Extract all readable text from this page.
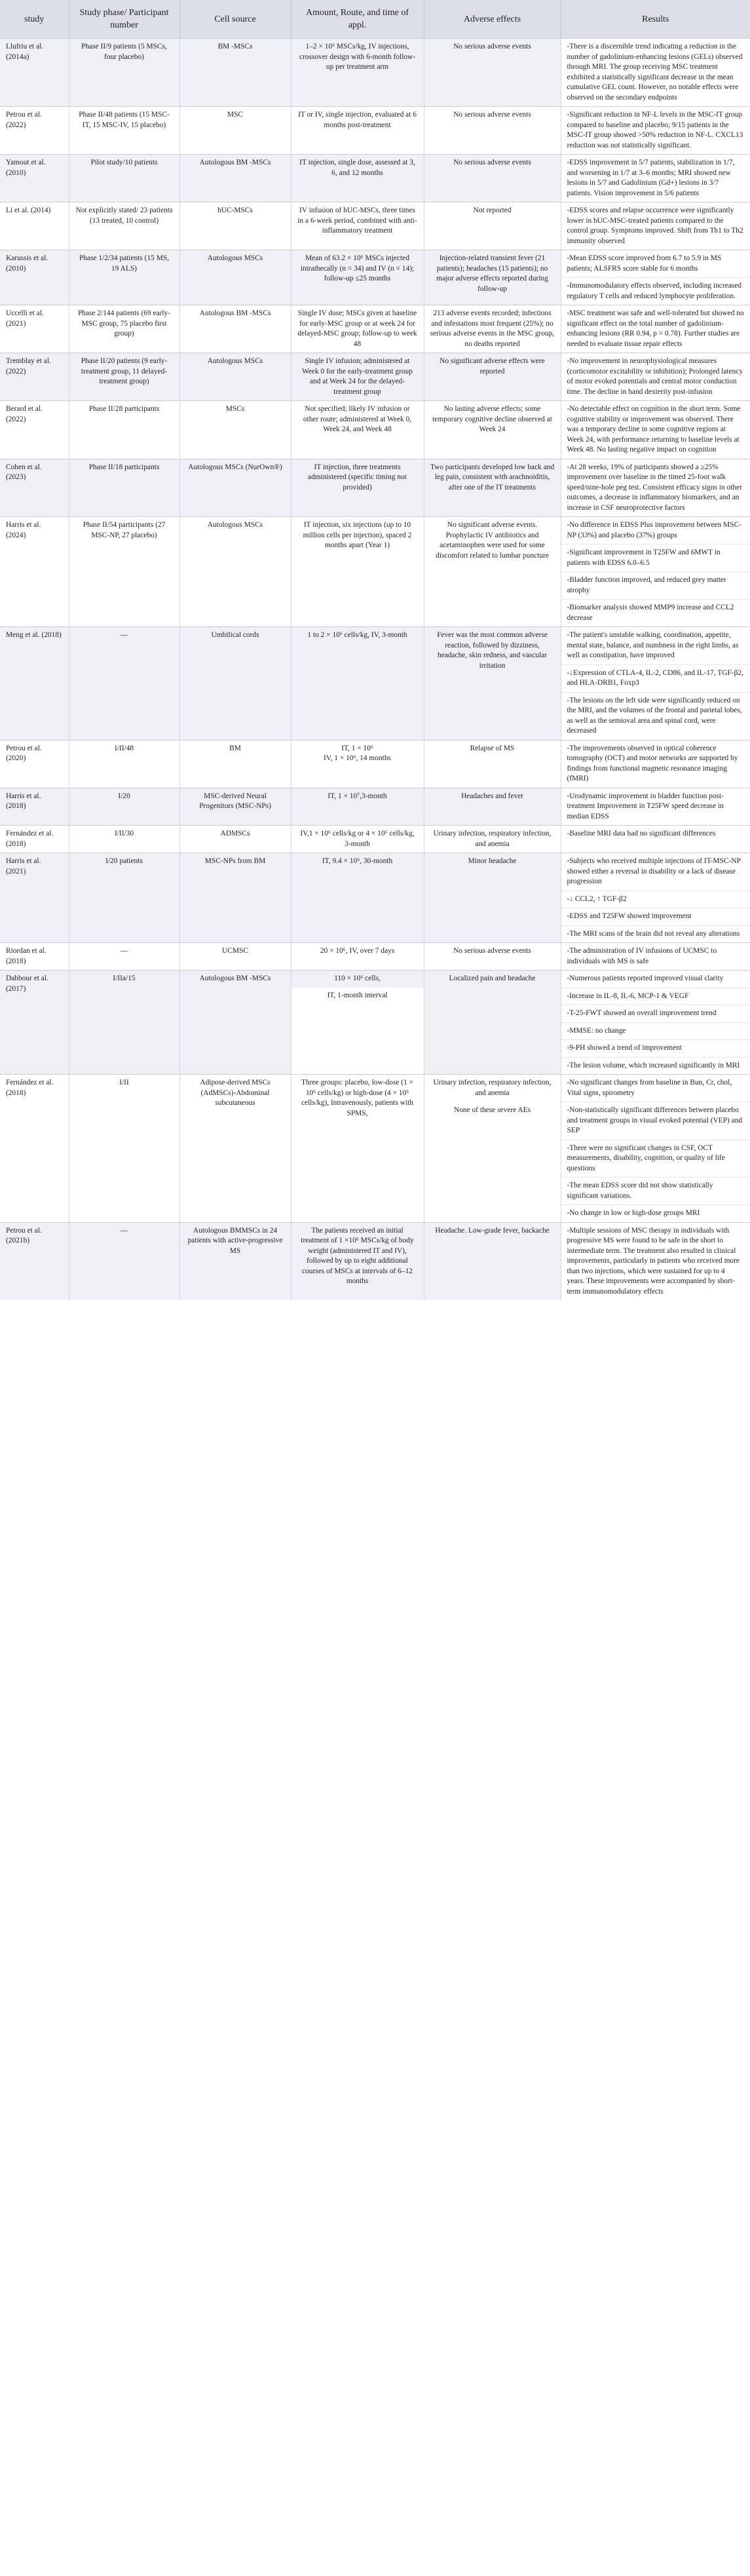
study	Study phase/ Participant number	Cell source	Amount, Route, and time of appl.	Adverse effects	Results
Llufriu et al. (2014a)	Phase II/9 patients (5 MSCs, four placebo)	BM -MSCs	1–2 × 10⁶ MSCs/kg, IV injections, crossover design with 6-month follow-up per treatment arm	No serious adverse events	-There is a discernible trend indicating a reduction in the number of gadolinium-enhancing lesions (GELs) observed through MRI. The group receiving MSC treatment exhibited a statistically significant decrease in the mean cumulative GEL count. However, no notable effects were observed on the secondary endpoints
Petrou et al. (2022)	Phase II/48 patients (15 MSC-IT, 15 MSC-IV, 15 placebo)	MSC	IT or IV, single injection, evaluated at 6 months post-treatment	No serious adverse events	-Significant reduction in NF-L levels in the MSC-IT group compared to baseline and placebo; 9/15 patients in the MSC-IT group showed >50% reduction in NF-L. CXCL13 reduction was not statistically significant.
Yamout et al. (2010)	Pilot study/10 patients	Autologous BM -MSCs	IT injection, single dose, assessed at 3, 6, and 12 months	No serious adverse events	-EDSS improvement in 5/7 patients, stabilization in 1/7, and worsening in 1/7 at 3–6 months; MRI showed new lesions in 5/7 and Gadolinium (Gd+) lesions in 3/7 patients. Vision improvement in 5/6 patients
Li et al. (2014)	Not explicitly stated/ 23 patients (13 treated, 10 control)	hUC-MSCs	IV infusion of hUC-MSCs, three times in a 6-week period, combined with anti-inflammatory treatment	Not reported	-EDSS scores and relapse occurrence were significantly lower in hUC-MSC-treated patients compared to the control group. Symptoms improved. Shift from Th1 to Th2 immunity observed
Karussis et al. (2010)	Phase 1/2/34 patients (15 MS, 19 ALS)	Autologous MSCs	Mean of 63.2 × 10⁶ MSCs injected intrathecally (n = 34) and IV (n = 14); follow-up ≤25 months	Injection-related transient fever (21 patients); headaches (15 patients); no major adverse effects reported during follow-up	-Mean EDSS score improved from 6.7 to 5.9 in MS patients; ALSFRS score stable for 6 months
					-Immunomodulatory effects observed, including increased regulatory T cells and reduced lymphocyte proliferation.
Uccelli et al. (2021)	Phase 2/144 patients (69 early-MSC group, 75 placebo first group)	Autologous BM -MSCs	Single IV dose; MSCs given at baseline for early-MSC group or at week 24 for delayed-MSC group; follow-up to week 48	213 adverse events recorded; infections and infestations most frequent (25%); no serious adverse events in the MSC group, no deaths reported	-MSC treatment was safe and well-tolerated but showed no significant effect on the total number of gadolinium-enhancing lesions (RR 0.94, p = 0.78). Further studies are needed to evaluate tissue repair effects
Tremblay et al. (2022)	Phase II/20 patients (9 early-treatment group, 11 delayed-treatment group)	Autologous MSCs	Single IV infusion; administered at Week 0 for the early-treatment group and at Week 24 for the delayed-treatment group	No significant adverse effects were reported	-No improvement in neurophysiological measures (corticomotor excitability or inhibition); Prolonged latency of motor evoked potentials and central motor conduction time. The decline in hand dexterity post-infusion
Berard et al. (2022)	Phase II/28 participants	MSCs	Not specified; likely IV infusion or other route; administered at Week 0, Week 24, and Week 48	No lasting adverse effects; some temporary cognitive decline observed at Week 24	-No detectable effect on cognition in the short term. Some cognitive stability or improvement was observed. There was a temporary decline in some cognitive regions at Week 24, with performance returning to baseline levels at Week 48. No lasting negative impact on cognition
Cohen et al. (2023)	Phase II/18 participants	Autologous MSCs (NurOwn®)	IT injection, three treatments administered (specific timing not provided)	Two participants developed low back and leg pain, consistent with arachnoiditis, after one of the IT treatments	-At 28 weeks, 19% of participants showed a ≥25% improvement over baseline in the timed 25-foot walk speed/nine-hole peg test. Consistent efficacy signs in other outcomes, a decrease in inflammatory biomarkers, and an increase in CSF neuroprotective factors
Harris et al. (2024)	Phase II/54 participants (27 MSC-NP, 27 placebo)	Autologous MSCs	IT injection, six injections (up to 10 million cells per injection), spaced 2 months apart (Year 1)	No significant adverse events. Prophylactic IV antibiotics and acetaminophen were used for some discomfort related to lumbar puncture	-No difference in EDSS Plus improvement between MSC-NP (33%) and placebo (37%) groups
					-Significant improvement in T25FW and 6MWT in patients with EDSS 6.0–6.5
					-Bladder function improved, and reduced grey matter atrophy
					-Biomarker analysis showed MMP9 increase and CCL2 decrease
Meng et al. (2018)	—	Umbilical cords	1 to 2 × 10⁶ cells/kg, IV, 3-month	Fever was the most common adverse reaction, followed by dizziness, headache, skin redness, and vascular irritation	-The patient's unstable walking, coordination, appetite, mental state, balance, and numbness in the right limbs, as well as constipation, have improved
					-↓Expression of CTLA-4, IL-2, CD86, and IL-17, TGF-β2, and HLA-DRB1, Foxp3
					-The lesions on the left side were significantly reduced on the MRI, and the volumes of the frontal and parietal lobes, as well as the semioval area and spinal cord, were decreased
Petrou et al. (2020)	I/II/48	BM	IT, 1 × 10⁶
IV, 1 × 10⁶, 14 months	Relapse of MS	-The improvements observed in optical coherence tomography (OCT) and motor networks are supported by findings from functional magnetic resonance imaging (fMRI)
Harris et al. (2018)	I/20	MSC-derived Neural Progenitors (MSC-NPs)	IT, 1 × 10⁷,3-month	Headaches and fever	-Urodynamic improvement in bladder function post-treatment Improvement in T25FW speed decrease in median EDSS
Fernández et al. (2018)	I/II/30	ADMSCs	IV,1 × 10⁶ cells/kg or 4 × 10⁶ cells/kg, 3-month	Urinary infection, respiratory infection, and anemia	-Baseline MRI data had no significant differences
Harris et al. (2021)	I/20 patients	MSC-NPs from BM	IT, 9.4 × 10⁶, 30-month	Minor headache	-Subjects who received multiple injections of IT-MSC-NP showed either a reversal in disability or a lack of disease progression
					-↓ CCL2, ↑ TGF-β2
					-EDSS and T25FW showed improvement
					-The MRI scans of the brain did not reveal any alterations
Riordan et al. (2018)	—	UCMSC	20 × 10⁶, IV, over 7 days	No serious adverse events	-The administration of IV infusions of UCMSC to individuals with MS is safe
Dahbour et al. (2017)	I/IIa/15	Autologous BM -MSCs	110 × 10⁶ cells,	Localized pain and headache	-Numerous patients reported improved visual clarity
			IT, 1-month interval		-Increase in IL-8, IL-6, MCP-1 & VEGF
					-T-25-FWT showed an overall improvement trend
					-MMSE: no change
					-9-PH showed a trend of improvement
					-The lesion volume, which increased significantly in MRI
Fernández et al. (2018)	I/II	Adipose-derived MSCs (AdMSCs)-Abdominal subcutaneous	Three groups: placebo, low-dose (1 × 10⁶ cells/kg) or high-dose (4 × 10⁶ cells/kg), Intravenously, patients with SPMS,	Urinary infection, respiratory infection, and anemia	-No significant changes from baseline in Bun, Cr, chol, Vital signs, spirometry
				None of these severe AEs	-Non-statistically significant differences between placebo and treatment groups in visual evoked potential (VEP) and SEP
					-There were no significant changes in CSF, OCT measurements, disability, cognition, or quality of life questions
					-The mean EDSS score did not show statistically significant variations.
					-No change in low or high-dose groups MRI
Petrou et al. (2021b)	—	Autologous BMMSCs in 24 patients with active-progressive MS	The patients received an initial treatment of 1 ×10⁶ MSCs/kg of body weight (administered IT and IV), followed by up to eight additional courses of MSCs at intervals of 6–12 months	Headache. Low-grade fever, backache	-Multiple sessions of MSC therapy in individuals with progressive MS were found to be safe in the short to intermediate term. The treatment also resulted in clinical improvements, particularly in patients who received more than two injections, which were sustained for up to 4 years. These improvements were accompanied by short-term immunomodulatory effects
